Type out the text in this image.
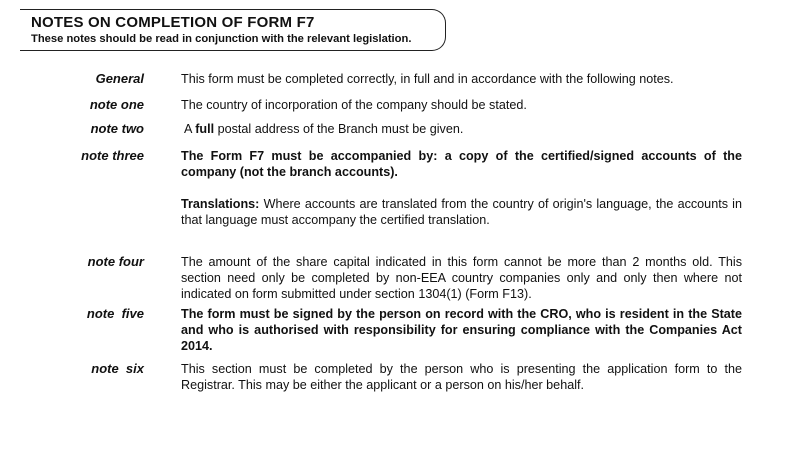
NOTES ON COMPLETION OF FORM F7
These notes should be read in conjunction with the relevant legislation.
General	This form must be completed correctly, in full and in accordance with the following notes.
note one	The country of incorporation of the company should be stated.
note two	A full postal address of the Branch must be given.
note three	The Form F7 must be accompanied by: a copy of the certified/signed accounts of the company (not the branch accounts).
Translations: Where accounts are translated from the country of origin's language, the accounts in that language must accompany the certified translation.
note four	The amount of the share capital indicated in this form cannot be more than 2 months old. This section need only be completed by non-EEA country companies only and only then where not indicated on form submitted under section 1304(1) (Form F13).
note  five	The form must be signed by the person on record with the CRO, who is resident in the State and who is authorised with responsibility for ensuring compliance with the Companies Act 2014.
note  six	This section must be completed by the person who is presenting the application form to the Registrar. This may be either the applicant or a person on his/her behalf.
